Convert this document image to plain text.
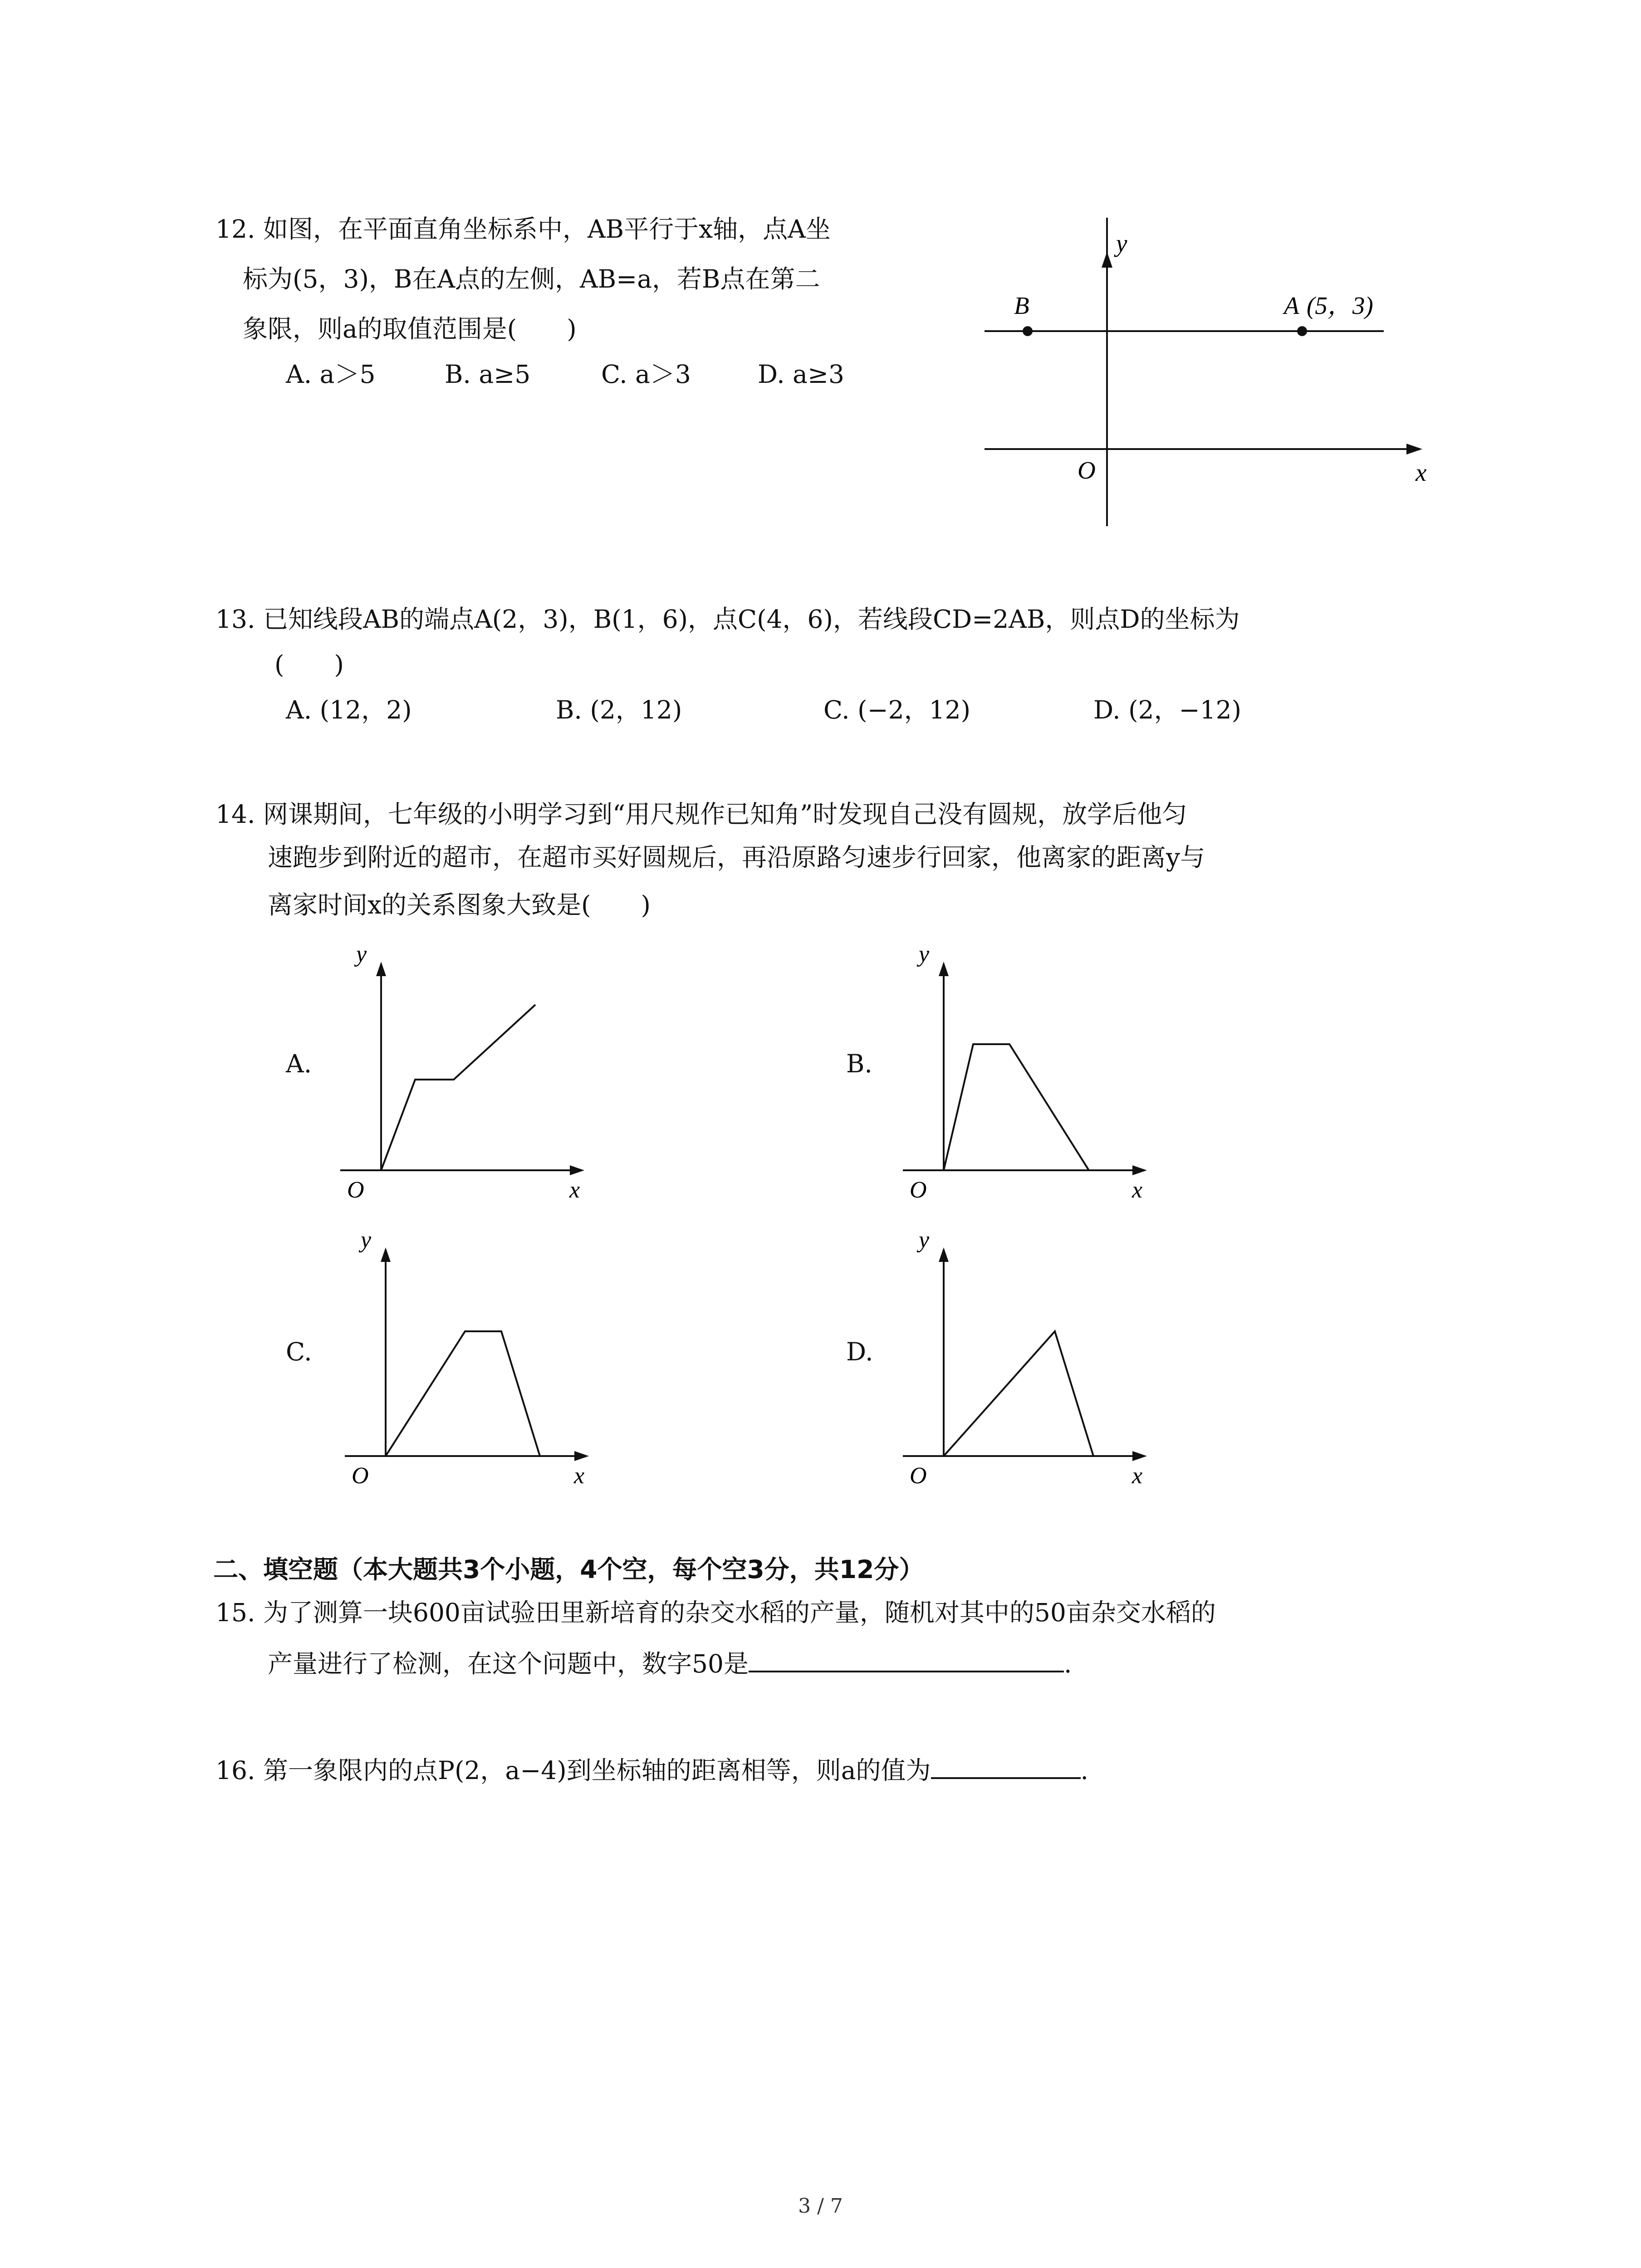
12. 如图，在平面直角坐标系中，AB平行于x轴，点A坐
标为(5，3)，B在A点的左侧，AB=a，若B点在第二
象限，则a的取值范围是(　　)
A. a＞5	B. a≥5	C. a＞3	D. a≥3
y
x
O
B	A (5，3)
13. 已知线段AB的端点A(2，3)，B(1，6)，点C(4，6)，若线段CD=2AB，则点D的坐标为
(　　)
A. (12，2)	B. (2，12)	C. (−2，12)	D. (2，−12)
14. 网课期间，七年级的小明学习到“用尺规作已知角”时发现自己没有圆规，放学后他匀
速跑步到附近的超市，在超市买好圆规后，再沿原路匀速步行回家，他离家的距离y与
离家时间x的关系图象大致是(　　)
A.
y
x
O
B.
y
x
O
C.
y
x
O
D.
y
x
O
二、填空题（本大题共3个小题，4个空，每个空3分，共12分）
15. 为了测算一块600亩试验田里新培育的杂交水稻的产量，随机对其中的50亩杂交水稻的
产量进行了检测，在这个问题中，数字50是	.
16. 第一象限内的点P(2，a−4)到坐标轴的距离相等，则a的值为	.
3 / 7
